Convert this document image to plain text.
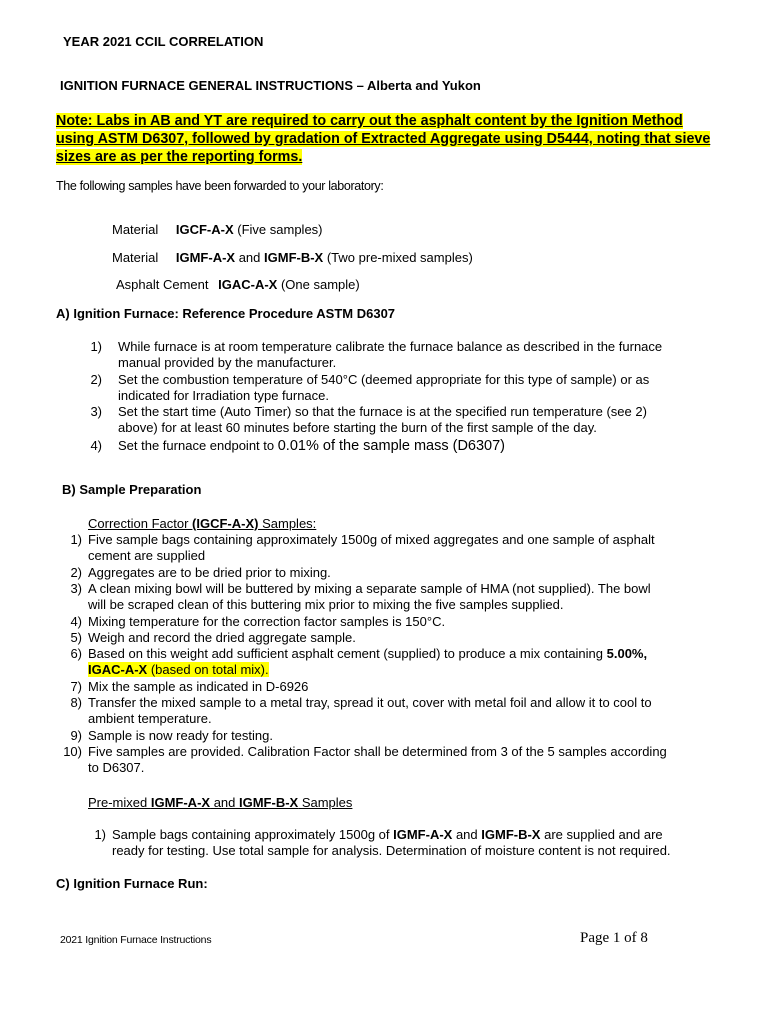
YEAR 2021 CCIL CORRELATION
IGNITION FURNACE GENERAL INSTRUCTIONS – Alberta and Yukon
Note: Labs in AB and YT are required to carry out the asphalt content by the Ignition Method
using ASTM D6307, followed by gradation of Extracted Aggregate using D5444, noting that sieve
sizes are as per the reporting forms.
The following samples have been forwarded to your laboratory:
Material IGCF-A-X (Five samples)
Material IGMF-A-X and IGMF-B-X (Two pre-mixed samples)
Asphalt Cement IGAC-A-X (One sample)
A) Ignition Furnace: Reference Procedure ASTM D6307
1) While furnace is at room temperature calibrate the furnace balance as described in the furnace
manual provided by the manufacturer.
2) Set the combustion temperature of 540°C (deemed appropriate for this type of sample) or as
indicated for Irradiation type furnace.
3) Set the start time (Auto Timer) so that the furnace is at the specified run temperature (see 2)
above) for at least 60 minutes before starting the burn of the first sample of the day.
4) Set the furnace endpoint to 0.01% of the sample mass (D6307)
B) Sample Preparation
Correction Factor (IGCF-A-X) Samples:
1) Five sample bags containing approximately 1500g of mixed aggregates and one sample of asphalt
cement are supplied
2) Aggregates are to be dried prior to mixing.
3) A clean mixing bowl will be buttered by mixing a separate sample of HMA (not supplied). The bowl
will be scraped clean of this buttering mix prior to mixing the five samples supplied.
4) Mixing temperature for the correction factor samples is 150°C.
5) Weigh and record the dried aggregate sample.
6) Based on this weight add sufficient asphalt cement (supplied) to produce a mix containing 5.00%,
IGAC-A-X (based on total mix).
7) Mix the sample as indicated in D-6926
8) Transfer the mixed sample to a metal tray, spread it out, cover with metal foil and allow it to cool to
ambient temperature.
9) Sample is now ready for testing.
10) Five samples are provided. Calibration Factor shall be determined from 3 of the 5 samples according
to D6307.
Pre-mixed IGMF-A-X and IGMF-B-X Samples
1) Sample bags containing approximately 1500g of IGMF-A-X and IGMF-B-X are supplied and are
ready for testing. Use total sample for analysis. Determination of moisture content is not required.
C) Ignition Furnace Run:
2021 Ignition Furnace Instructions	Page 1 of 8
